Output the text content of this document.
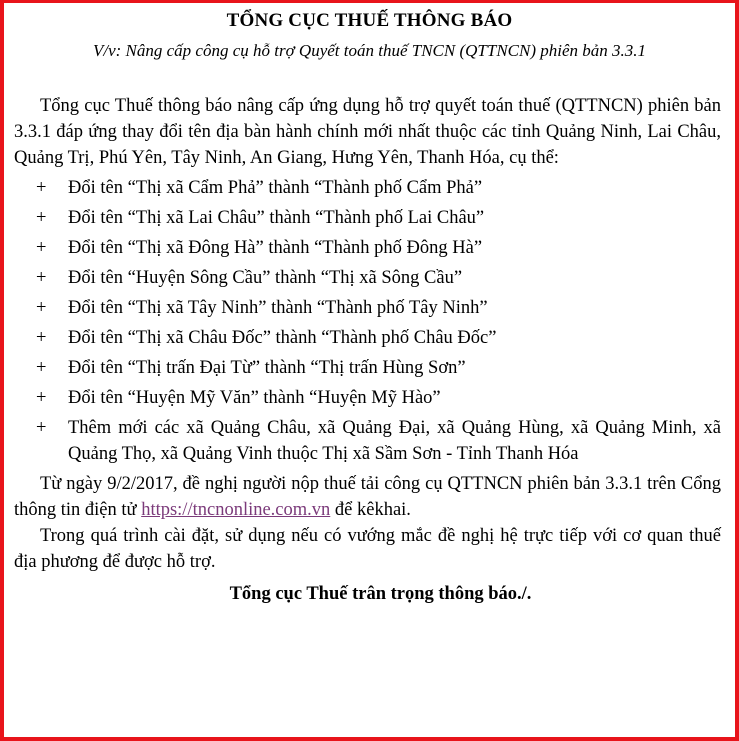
TỔNG CỤC THUẾ THÔNG BÁO
V/v: Nâng cấp công cụ hỗ trợ Quyết toán thuế TNCN (QTTNCN) phiên bản 3.3.1

Tổng cục Thuế thông báo nâng cấp ứng dụng hỗ trợ quyết toán thuế (QTTNCN) phiên bản 3.3.1 đáp ứng thay đổi tên địa bàn hành chính mới nhất thuộc các tỉnh Quảng Ninh, Lai Châu, Quảng Trị, Phú Yên, Tây Ninh, An Giang, Hưng Yên, Thanh Hóa, cụ thể:

+ Đổi tên “Thị xã Cẩm Phả” thành “Thành phố Cẩm Phả”
+ Đổi tên “Thị xã Lai Châu” thành “Thành phố Lai Châu”
+ Đổi tên “Thị xã Đông Hà” thành “Thành phố Đông Hà”
+ Đổi tên “Huyện Sông Cầu” thành “Thị xã Sông Cầu”
+ Đổi tên “Thị xã Tây Ninh” thành “Thành phố Tây Ninh”
+ Đổi tên “Thị xã Châu Đốc” thành “Thành phố Châu Đốc”
+ Đổi tên “Thị trấn Đại Từ” thành “Thị trấn Hùng Sơn”
+ Đổi tên “Huyện Mỹ Văn” thành “Huyện Mỹ Hào”
+ Thêm mới các xã Quảng Châu, xã Quảng Đại, xã Quảng Hùng, xã Quảng Minh, xã Quảng Thọ, xã Quảng Vinh thuộc Thị xã Sầm Sơn - Tỉnh Thanh Hóa

Từ ngày 9/2/2017, đề nghị người nộp thuế tải công cụ QTTNCN phiên bản 3.3.1 trên Cổng thông tin điện tử https://tncnonline.com.vn để kêkhai.

Trong quá trình cài đặt, sử dụng nếu có vướng mắc đề nghị hệ trực tiếp với cơ quan thuế địa phương để được hỗ trợ.

Tổng cục Thuế trân trọng thông báo./.
